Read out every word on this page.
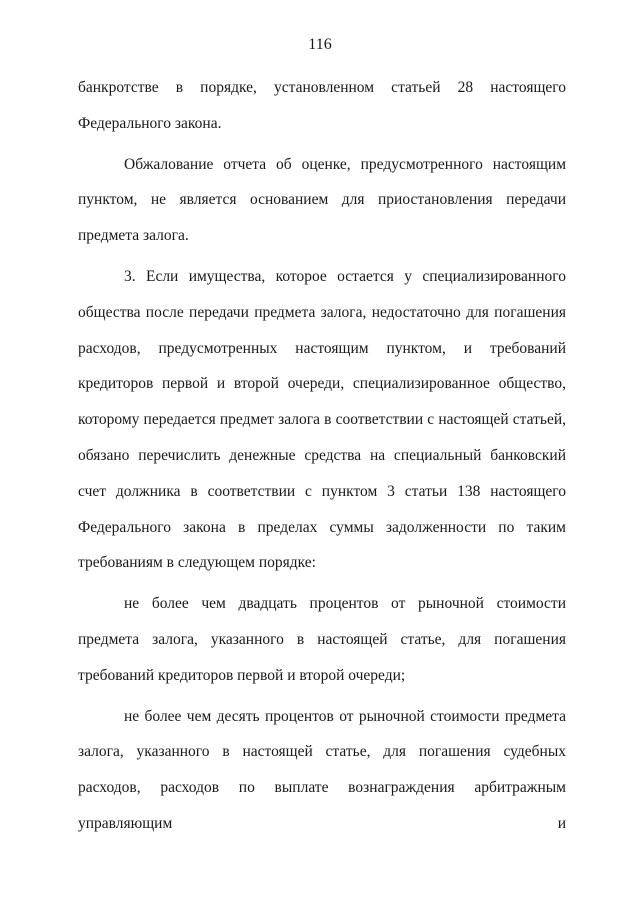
116

банкротстве в порядке, установленном статьей 28 настоящего Федерального закона.

Обжалование отчета об оценке, предусмотренного настоящим пунктом, не является основанием для приостановления передачи предмета залога.

3. Если имущества, которое остается у специализированного общества после передачи предмета залога, недостаточно для погашения расходов, предусмотренных настоящим пунктом, и требований кредиторов первой и второй очереди, специализированное общество, которому передается предмет залога в соответствии с настоящей статьей, обязано перечислить денежные средства на специальный банковский счет должника в соответствии с пунктом 3 статьи 138 настоящего Федерального закона в пределах суммы задолженности по таким требованиям в следующем порядке:

не более чем двадцать процентов от рыночной стоимости предмета залога, указанного в настоящей статье, для погашения требований кредиторов первой и второй очереди;

не более чем десять процентов от рыночной стоимости предмета залога, указанного в настоящей статье, для погашения судебных расходов, расходов по выплате вознаграждения арбитражным управляющим и
